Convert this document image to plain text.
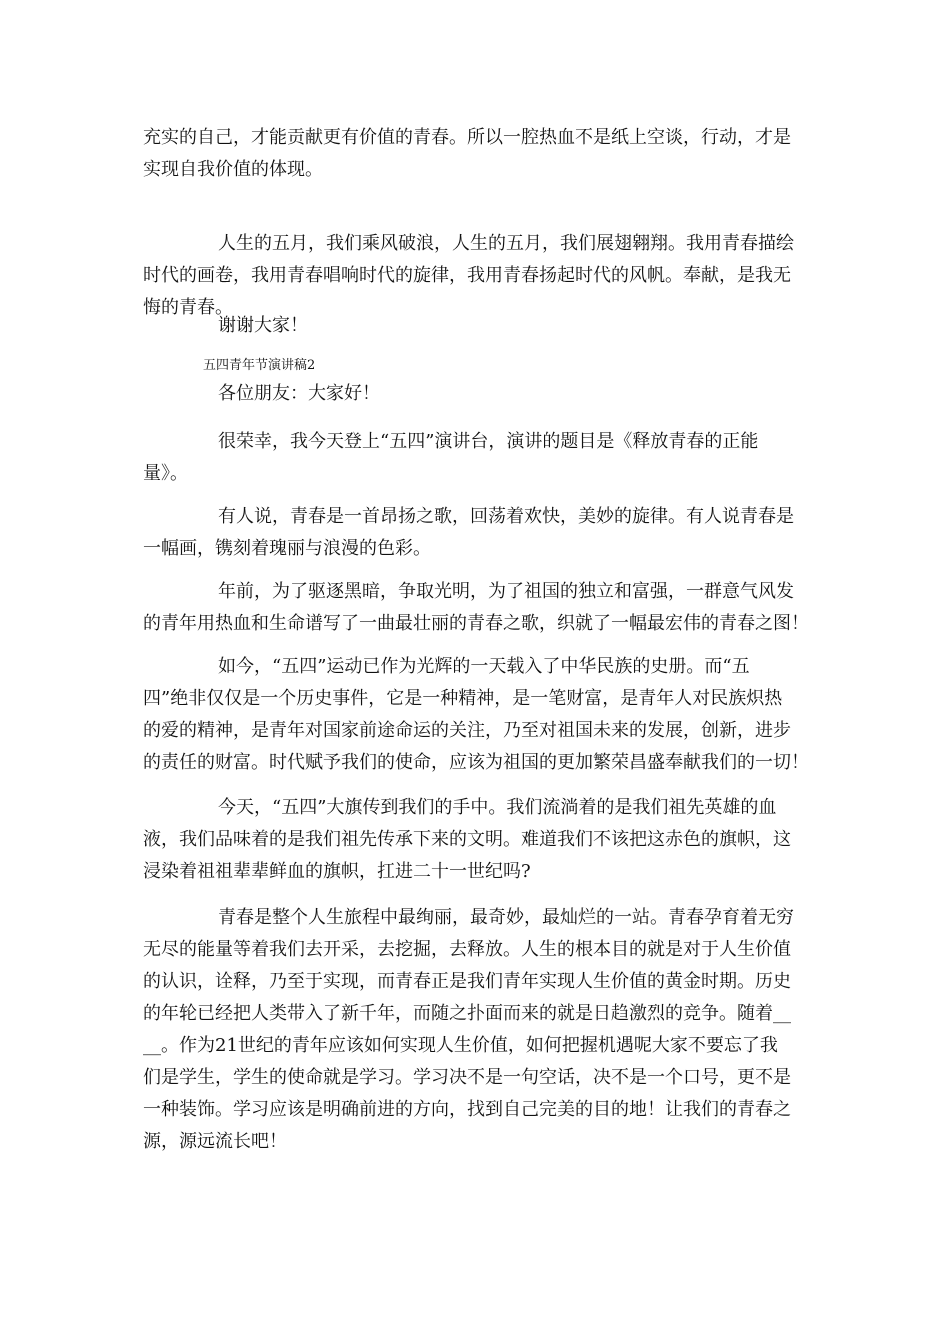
充实的自己，才能贡献更有价值的青春。所以一腔热血不是纸上空谈，行动，才是
实现自我价值的体现。
人生的五月，我们乘风破浪，人生的五月，我们展翅翱翔。我用青春描绘
时代的画卷，我用青春唱响时代的旋律，我用青春扬起时代的风帆。奉献，是我无
悔的青春。
谢谢大家！
五四青年节演讲稿2
各位朋友：大家好！
很荣幸，我今天登上“五四”演讲台，演讲的题目是《释放青春的正能
量》。
有人说，青春是一首昂扬之歌，回荡着欢快，美妙的旋律。有人说青春是
一幅画，镌刻着瑰丽与浪漫的色彩。
年前，为了驱逐黑暗，争取光明，为了祖国的独立和富强，一群意气风发
的青年用热血和生命谱写了一曲最壮丽的青春之歌，织就了一幅最宏伟的青春之图！
如今，“五四”运动已作为光辉的一天载入了中华民族的史册。而“五
四”绝非仅仅是一个历史事件，它是一种精神，是一笔财富，是青年人对民族炽热
的爱的精神，是青年对国家前途命运的关注，乃至对祖国未来的发展，创新，进步
的责任的财富。时代赋予我们的使命，应该为祖国的更加繁荣昌盛奉献我们的一切！
今天，“五四”大旗传到我们的手中。我们流淌着的是我们祖先英雄的血
液，我们品味着的是我们祖先传承下来的文明。难道我们不该把这赤色的旗帜，这
浸染着祖祖辈辈鲜血的旗帜，扛进二十一世纪吗?
青春是整个人生旅程中最绚丽，最奇妙，最灿烂的一站。青春孕育着无穷
无尽的能量等着我们去开采，去挖掘，去释放。人生的根本目的就是对于人生价值
的认识，诠释，乃至于实现，而青春正是我们青年实现人生价值的黄金时期。历史
的年轮已经把人类带入了新千年，而随之扑面而来的就是日趋激烈的竞争。随着__
__。作为21世纪的青年应该如何实现人生价值，如何把握机遇呢大家不要忘了我
们是学生，学生的使命就是学习。学习决不是一句空话，决不是一个口号，更不是
一种装饰。学习应该是明确前进的方向，找到自己完美的目的地！让我们的青春之
源，源远流长吧！
